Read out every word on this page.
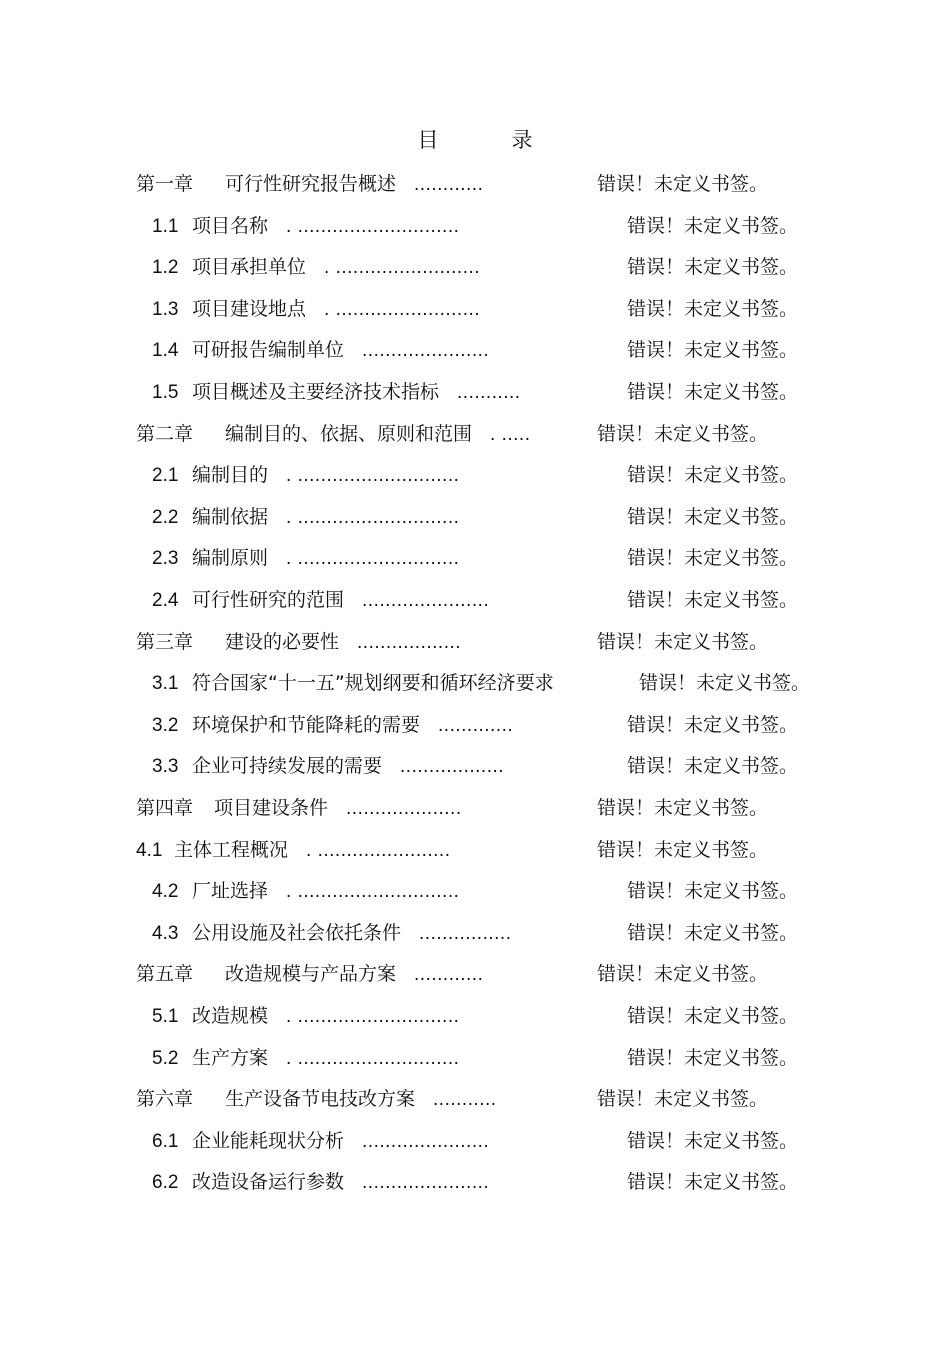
目　录
第一章 可行性研究报告概述 ............	错误！未定义书签。
1.1 项目名称 . ............................	错误！未定义书签。
1.2 项目承担单位 . .........................	错误！未定义书签。
1.3 项目建设地点 . .........................	错误！未定义书签。
1.4 可研报告编制单位 ......................	错误！未定义书签。
1.5 项目概述及主要经济技术指标 ...........	错误！未定义书签。
第二章 编制目的、依据、原则和范围 . .....	错误！未定义书签。
2.1 编制目的 . ............................	错误！未定义书签。
2.2 编制依据 . ............................	错误！未定义书签。
2.3 编制原则 . ............................	错误！未定义书签。
2.4 可行性研究的范围 ......................	错误！未定义书签。
第三章 建设的必要性 ..................	错误！未定义书签。
3.1 符合国家“十一五”规划纲要和循环经济要求	错误！未定义书签。
3.2 环境保护和节能降耗的需要 .............	错误！未定义书签。
3.3 企业可持续发展的需要 ..................	错误！未定义书签。
第四章 项目建设条件 ....................	错误！未定义书签。
4.1 主体工程概况 . .......................	错误！未定义书签。
4.2 厂址选择 . ............................	错误！未定义书签。
4.3 公用设施及社会依托条件 ................	错误！未定义书签。
第五章 改造规模与产品方案 ............	错误！未定义书签。
5.1 改造规模 . ............................	错误！未定义书签。
5.2 生产方案 . ............................	错误！未定义书签。
第六章 生产设备节电技改方案 ...........	错误！未定义书签。
6.1 企业能耗现状分析 ......................	错误！未定义书签。
6.2 改造设备运行参数 ......................	错误！未定义书签。
